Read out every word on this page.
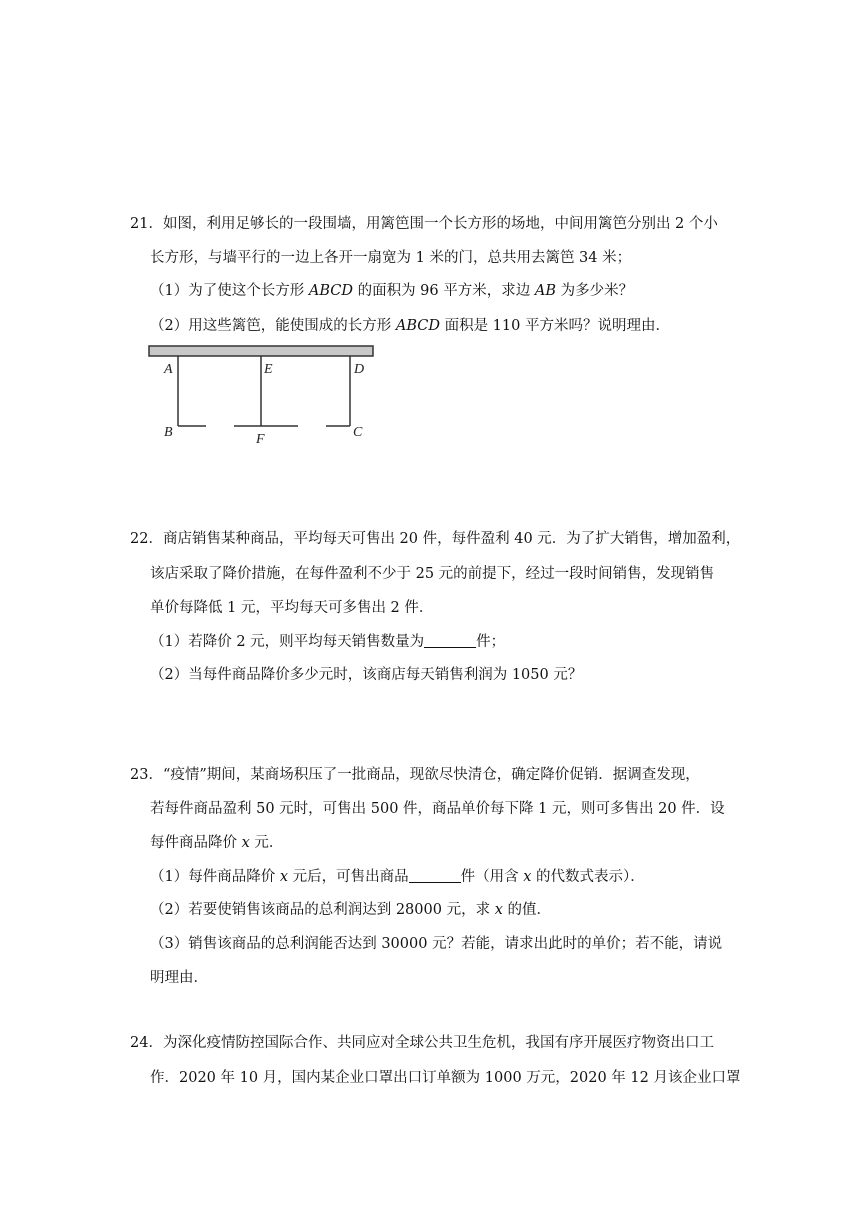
21．如图，利用足够长的一段围墙，用篱笆围一个长方形的场地，中间用篱笆分别出 2 个小
长方形，与墙平行的一边上各开一扇宽为 1 米的门，总共用去篱笆 34 米；
（1）为了使这个长方形 ABCD 的面积为 96 平方米，求边 AB 为多少米？
（2）用这些篱笆，能使围成的长方形 ABCD 面积是 110 平方米吗？说明理由．
A	E	D
B	F	C
22．商店销售某种商品，平均每天可售出 20 件，每件盈利 40 元．为了扩大销售，增加盈利，
该店采取了降价措施，在每件盈利不少于 25 元的前提下，经过一段时间销售，发现销售
单价每降低 1 元，平均每天可多售出 2 件．
（1）若降价 2 元，则平均每天销售数量为	件；
（2）当每件商品降价多少元时，该商店每天销售利润为 1050 元？
23．“疫情”期间，某商场积压了一批商品，现欲尽快清仓，确定降价促销．据调查发现，
若每件商品盈利 50 元时，可售出 500 件，商品单价每下降 1 元，则可多售出 20 件．设
每件商品降价 x 元．
（1）每件商品降价 x 元后，可售出商品	件（用含 x 的代数式表示）．
（2）若要使销售该商品的总利润达到 28000 元，求 x 的值．
（3）销售该商品的总利润能否达到 30000 元？若能，请求出此时的单价；若不能，请说
明理由．
24．为深化疫情防控国际合作、共同应对全球公共卫生危机，我国有序开展医疗物资出口工
作．2020 年 10 月，国内某企业口罩出口订单额为 1000 万元，2020 年 12 月该企业口罩
